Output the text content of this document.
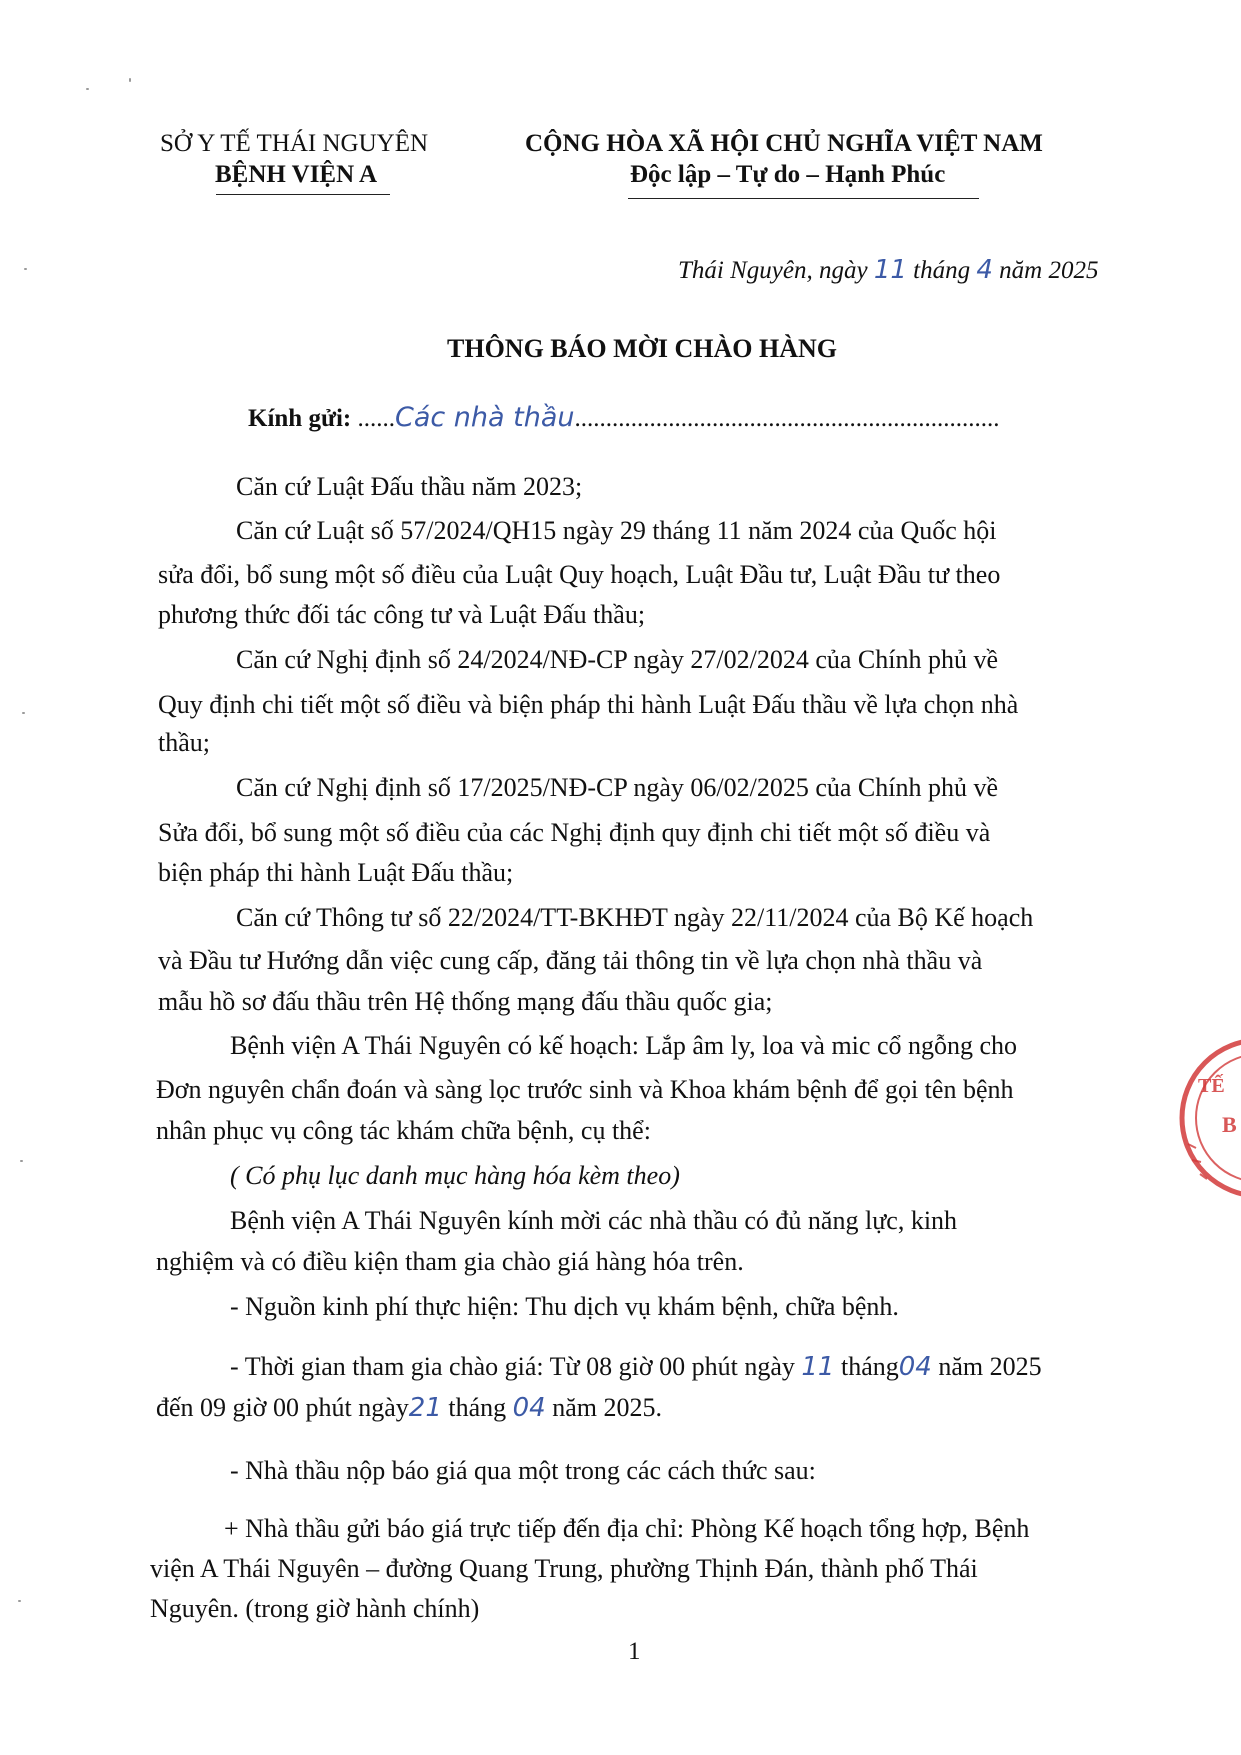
SỞ Y TẾ THÁI NGUYÊN
BỆNH VIỆN A
CỘNG HÒA XÃ HỘI CHỦ NGHĨA VIỆT NAM
Độc lập – Tự do – Hạnh Phúc
Thái Nguyên, ngày 11 tháng 4 năm 2025
THÔNG BÁO MỜI CHÀO HÀNG
Kính gửi: ......Các nhà thầu....................................................................
Căn cứ Luật Đấu thầu năm 2023;
Căn cứ Luật số 57/2024/QH15 ngày 29 tháng 11 năm 2024 của Quốc hội
sửa đổi, bổ sung một số điều của Luật Quy hoạch, Luật Đầu tư, Luật Đầu tư theo
phương thức đối tác công tư và Luật Đấu thầu;
Căn cứ Nghị định số 24/2024/NĐ-CP ngày 27/02/2024 của Chính phủ về
Quy định chi tiết một số điều và biện pháp thi hành Luật Đấu thầu về lựa chọn nhà
thầu;
Căn cứ Nghị định số 17/2025/NĐ-CP ngày 06/02/2025 của Chính phủ về
Sửa đổi, bổ sung một số điều của các Nghị định quy định chi tiết một số điều và
biện pháp thi hành Luật Đấu thầu;
Căn cứ Thông tư số 22/2024/TT-BKHĐT ngày 22/11/2024 của Bộ Kế hoạch
và Đầu tư Hướng dẫn việc cung cấp, đăng tải thông tin về lựa chọn nhà thầu và
mẫu hồ sơ đấu thầu trên Hệ thống mạng đấu thầu quốc gia;
Bệnh viện A Thái Nguyên có kế hoạch: Lắp âm ly, loa và mic cổ ngỗng cho
Đơn nguyên chẩn đoán và sàng lọc trước sinh và Khoa khám bệnh để gọi tên bệnh
nhân phục vụ công tác khám chữa bệnh, cụ thể:
( Có phụ lục danh mục hàng hóa kèm theo)
Bệnh viện A Thái Nguyên kính mời các nhà thầu có đủ năng lực, kinh
nghiệm và có điều kiện tham gia chào giá hàng hóa trên.
- Nguồn kinh phí thực hiện: Thu dịch vụ khám bệnh, chữa bệnh.
- Thời gian tham gia chào giá: Từ 08 giờ 00 phút ngày 11 tháng04 năm 2025
đến 09 giờ 00 phút ngày21 tháng 04 năm 2025.
- Nhà thầu nộp báo giá qua một trong các cách thức sau:
+ Nhà thầu gửi báo giá trực tiếp đến địa chỉ: Phòng Kế hoạch tổng hợp, Bệnh
viện A Thái Nguyên – đường Quang Trung, phường Thịnh Đán, thành phố Thái
Nguyên. (trong giờ hành chính)
1
TẾ
B
